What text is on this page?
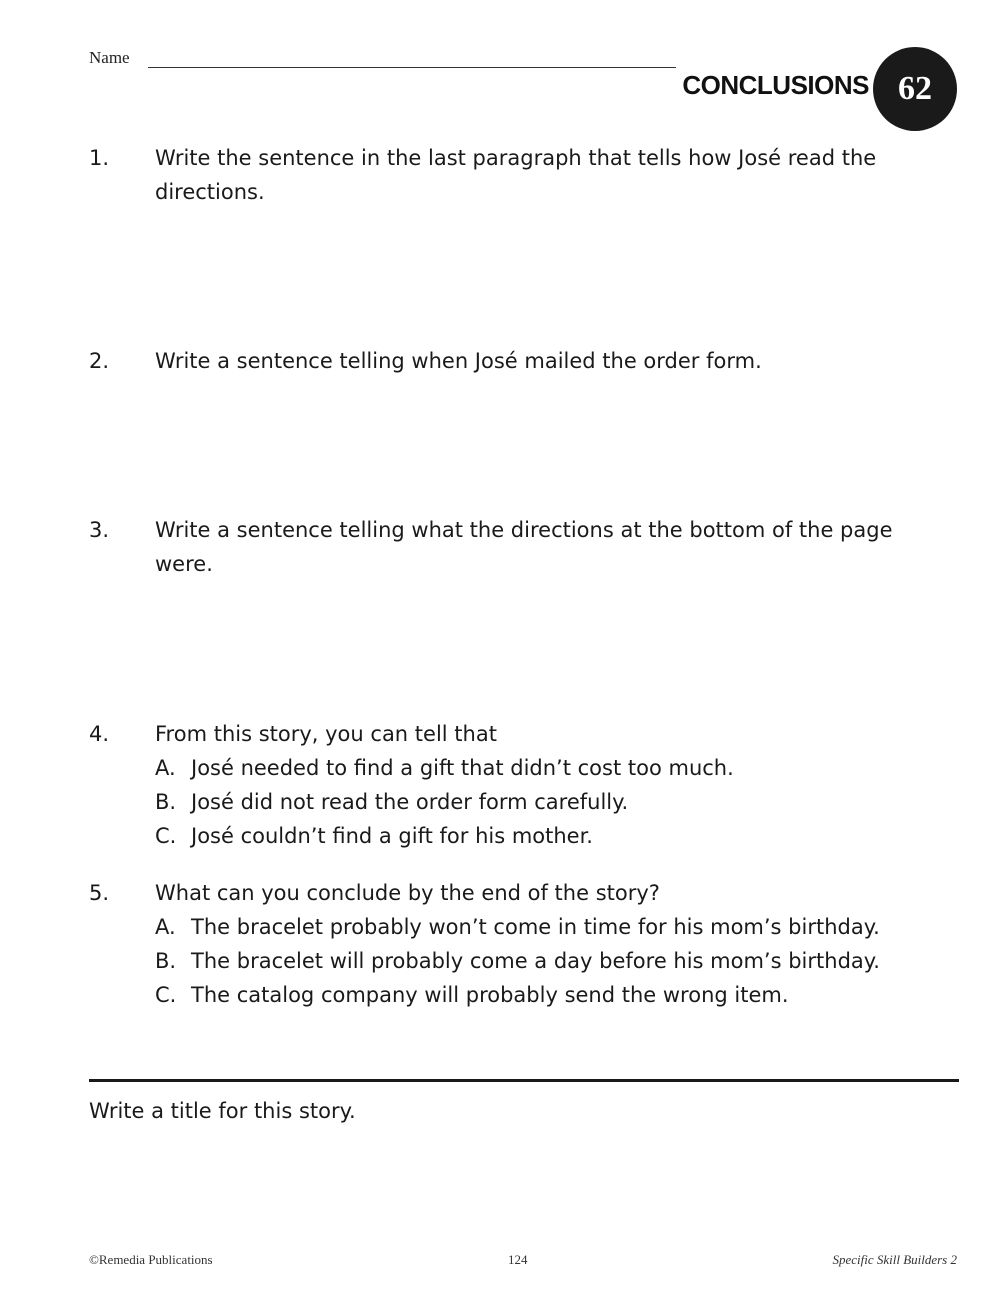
Name
CONCLUSIONS 62
1. Write the sentence in the last paragraph that tells how José read the directions.
2. Write a sentence telling when José mailed the order form.
3. Write a sentence telling what the directions at the bottom of the page were.
4. From this story, you can tell that
A. José needed to find a gift that didn’t cost too much.
B. José did not read the order form carefully.
C. José couldn’t find a gift for his mother.
5. What can you conclude by the end of the story?
A. The bracelet probably won’t come in time for his mom’s birthday.
B. The bracelet will probably come a day before his mom’s birthday.
C. The catalog company will probably send the wrong item.
Write a title for this story.
©Remedia Publications	124	Specific Skill Builders 2
